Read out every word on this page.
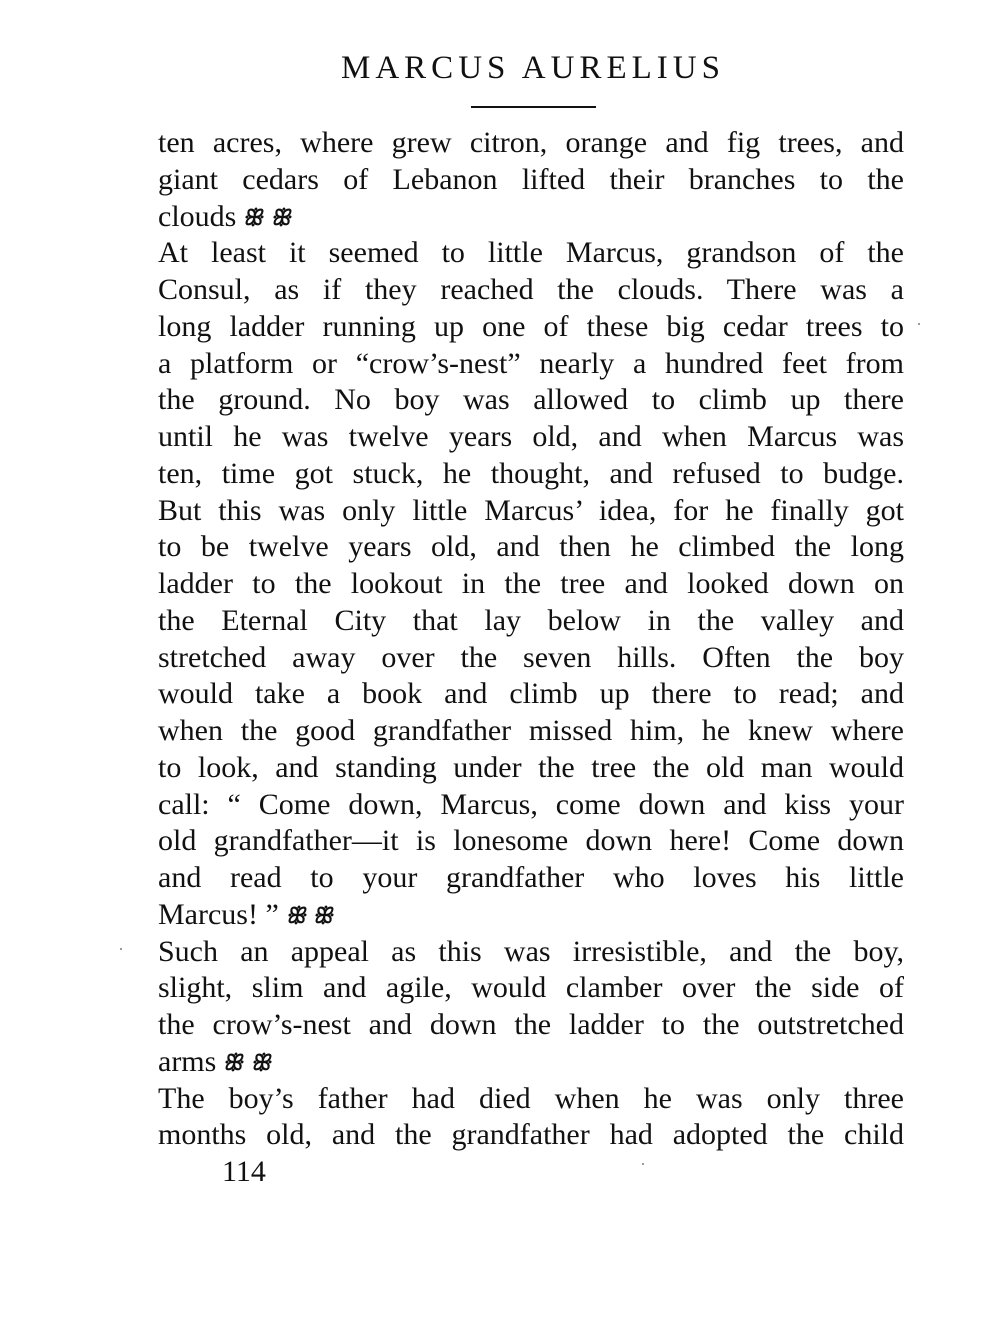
MARCUS AURELIUS
ten acres, where grew citron, orange and fig trees, and
giant cedars of Lebanon lifted their branches to the
clouds ꕥ ꕥ
At least it seemed to little Marcus, grandson of the
Consul, as if they reached the clouds. There was a
long ladder running up one of these big cedar trees to
a platform or “crow’s-nest” nearly a hundred feet from
the ground. No boy was allowed to climb up there
until he was twelve years old, and when Marcus was
ten, time got stuck, he thought, and refused to budge.
But this was only little Marcus’ idea, for he finally got
to be twelve years old, and then he climbed the long
ladder to the lookout in the tree and looked down on
the Eternal City that lay below in the valley and
stretched away over the seven hills. Often the boy
would take a book and climb up there to read; and
when the good grandfather missed him, he knew where
to look, and standing under the tree the old man would
call: “ Come down, Marcus, come down and kiss your
old grandfather—it is lonesome down here! Come down
and read to your grandfather who loves his little
Marcus! ” ꕥ ꕥ
Such an appeal as this was irresistible, and the boy,
slight, slim and agile, would clamber over the side of
the crow’s-nest and down the ladder to the outstretched
arms ꕥ ꕥ
The boy’s father had died when he was only three
months old, and the grandfather had adopted the child
114
